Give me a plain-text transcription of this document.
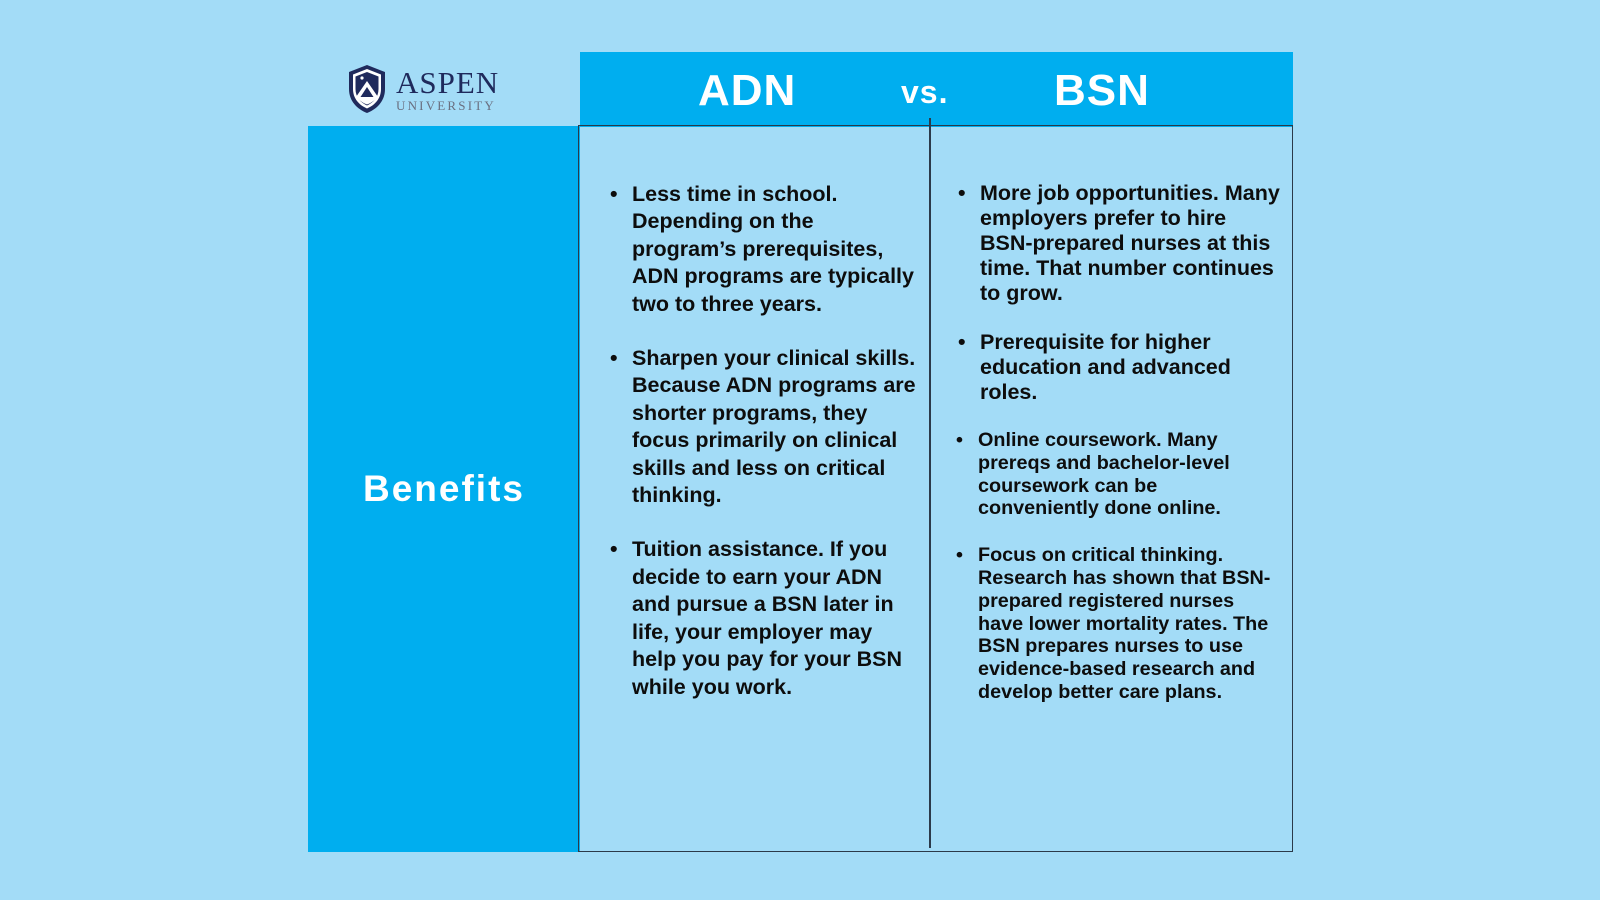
ASPEN
UNIVERSITY	ADN	vs. BSN
Benefits
• Less time in school. Depending on the program’s prerequisites, ADN programs are typically two to three years.
• Sharpen your clinical skills. Because ADN programs are shorter programs, they focus primarily on clinical skills and less on critical thinking.
• Tuition assistance. If you decide to earn your ADN and pursue a BSN later in life, your employer may help you pay for your BSN while you work.
• More job opportunities. Many employers prefer to hire BSN-prepared nurses at this time. That number continues to grow.
• Prerequisite for higher education and advanced roles.
• Online coursework. Many prereqs and bachelor-level coursework can be conveniently done online.
• Focus on critical thinking. Research has shown that BSN-prepared registered nurses have lower mortality rates. The BSN prepares nurses to use evidence-based research and develop better care plans.
